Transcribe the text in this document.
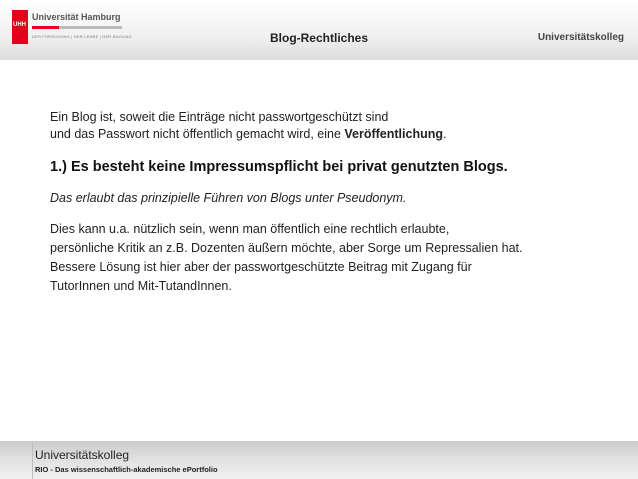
UHH
Universität Hamburg
DER FORSCHUNG | DER LEHRE | DER BILDUNG	Blog-Rechtliches	Universitätskolleg

Ein Blog ist, soweit die Einträge nicht passwortgeschützt sind
und das Passwort nicht öffentlich gemacht wird, eine Veröffentlichung.

1.) Es besteht keine Impressumspflicht bei privat genutzten Blogs.

Das erlaubt das prinzipielle Führen von Blogs unter Pseudonym.

Dies kann u.a. nützlich sein, wenn man öffentlich eine rechtlich erlaubte,
persönliche Kritik an z.B. Dozenten äußern möchte, aber Sorge um Repressalien hat.
Bessere Lösung ist hier aber der passwortgeschützte Beitrag mit Zugang für
TutorInnen und Mit-TutandInnen.

Universitätskolleg
RIO - Das wissenschaftlich-akademische ePortfolio
